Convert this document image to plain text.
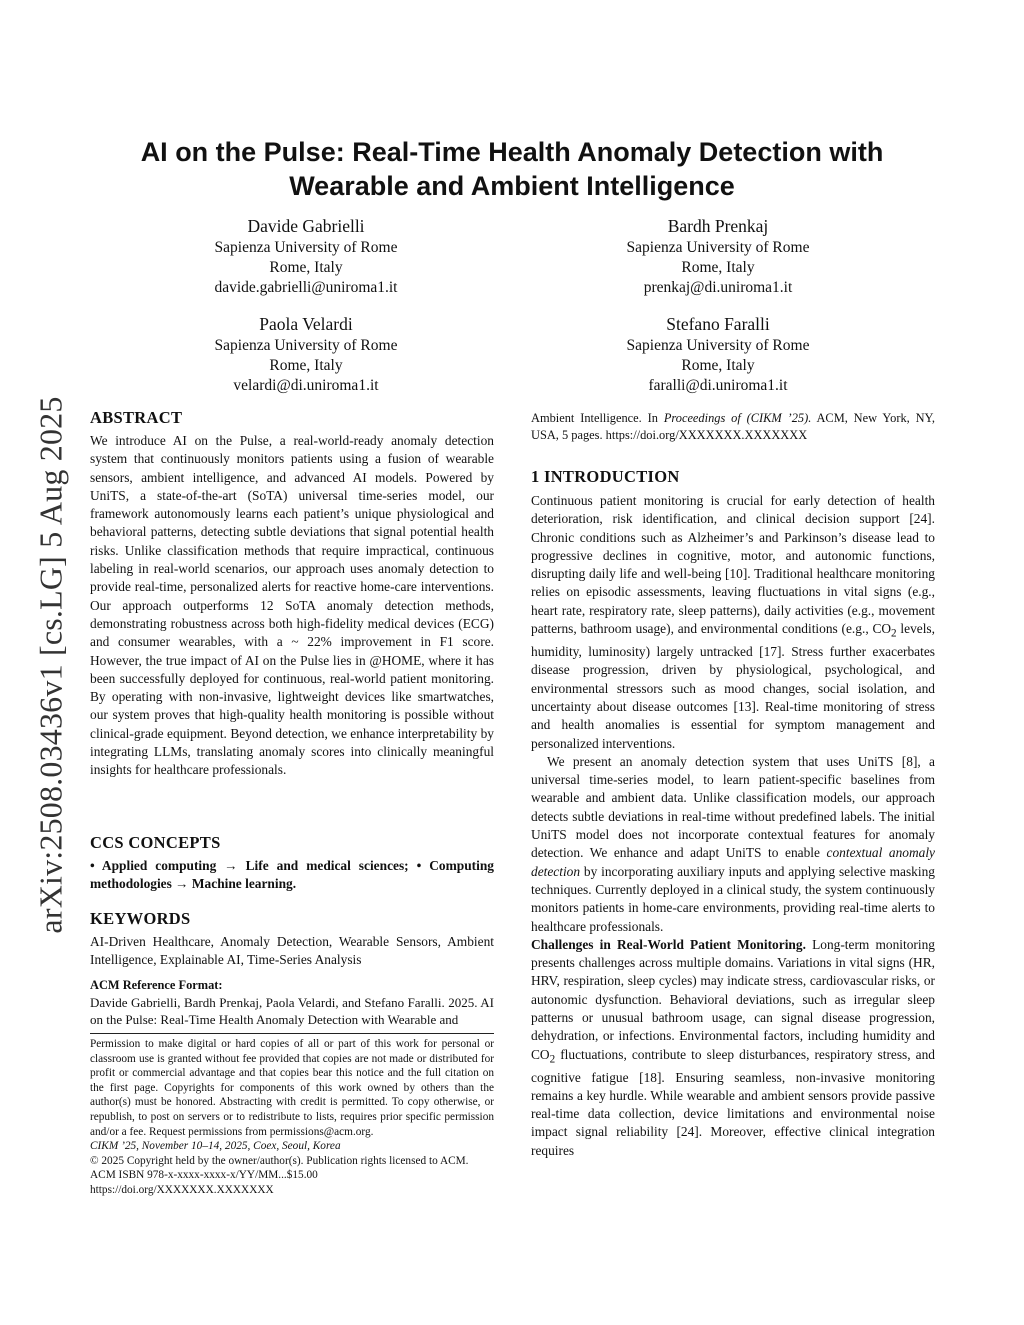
arXiv:2508.03436v1 [cs.LG] 5 Aug 2025
AI on the Pulse: Real-Time Health Anomaly Detection with
Wearable and Ambient Intelligence
Davide Gabrielli
Sapienza University of Rome
Rome, Italy
davide.gabrielli@uniroma1.it
Bardh Prenkaj
Sapienza University of Rome
Rome, Italy
prenkaj@di.uniroma1.it
Paola Velardi
Sapienza University of Rome
Rome, Italy
velardi@di.uniroma1.it
Stefano Faralli
Sapienza University of Rome
Rome, Italy
faralli@di.uniroma1.it
ABSTRACT

We introduce AI on the Pulse, a real-world-ready anomaly detection system that continuously monitors patients using a fusion of wearable sensors, ambient intelligence, and advanced AI models. Powered by UniTS, a state-of-the-art (SoTA) universal time-series model, our framework autonomously learns each patient’s unique physiological and behavioral patterns, detecting subtle deviations that signal potential health risks. Unlike classification methods that require impractical, continuous labeling in real-world scenarios, our approach uses anomaly detection to provide real-time, personalized alerts for reactive home-care interventions. Our approach outperforms 12 SoTA anomaly detection methods, demonstrating robustness across both high-fidelity medical devices (ECG) and consumer wearables, with a ~ 22% improvement in F1 score. However, the true impact of AI on the Pulse lies in @HOME, where it has been successfully deployed for continuous, real-world patient monitoring. By operating with non-invasive, lightweight devices like smartwatches, our system proves that high-quality health monitoring is possible without clinical-grade equipment. Beyond detection, we enhance interpretability by integrating LLMs, translating anomaly scores into clinically meaningful insights for healthcare professionals.

CCS CONCEPTS

• Applied computing → Life and medical sciences; • Computing methodologies → Machine learning.

KEYWORDS

AI-Driven Healthcare, Anomaly Detection, Wearable Sensors, Ambient Intelligence, Explainable AI, Time-Series Analysis

ACM Reference Format:

Davide Gabrielli, Bardh Prenkaj, Paola Velardi, and Stefano Faralli. 2025. AI on the Pulse: Real-Time Health Anomaly Detection with Wearable and

Permission to make digital or hard copies of all or part of this work for personal or classroom use is granted without fee provided that copies are not made or distributed for profit or commercial advantage and that copies bear this notice and the full citation on the first page. Copyrights for components of this work owned by others than the author(s) must be honored. Abstracting with credit is permitted. To copy otherwise, or republish, to post on servers or to redistribute to lists, requires prior specific permission and/or a fee. Request permissions from permissions@acm.org.

CIKM ’25, November 10–14, 2025, Coex, Seoul, Korea

© 2025 Copyright held by the owner/author(s). Publication rights licensed to ACM.

ACM ISBN 978-x-xxxx-xxxx-x/YY/MM...$15.00

https://doi.org/XXXXXXX.XXXXXXX

Ambient Intelligence. In Proceedings of (CIKM ’25). ACM, New York, NY, USA, 5 pages. https://doi.org/XXXXXXX.XXXXXXX

1 INTRODUCTION

Continuous patient monitoring is crucial for early detection of health deterioration, risk identification, and clinical decision support [24]. Chronic conditions such as Alzheimer’s and Parkinson’s disease lead to progressive declines in cognitive, motor, and autonomic functions, disrupting daily life and well-being [10]. Traditional healthcare monitoring relies on episodic assessments, leaving fluctuations in vital signs (e.g., heart rate, respiratory rate, sleep patterns), daily activities (e.g., movement patterns, bathroom usage), and environmental conditions (e.g., $CO_2$ levels, humidity, luminosity) largely untracked [17]. Stress further exacerbates disease progression, driven by physiological, psychological, and environmental stressors such as mood changes, social isolation, and uncertainty about disease outcomes [13]. Real-time monitoring of stress and health anomalies is essential for symptom management and personalized interventions.

We present an anomaly detection system that uses UniTS [8], a universal time-series model, to learn patient-specific baselines from wearable and ambient data. Unlike classification models, our approach detects subtle deviations in real-time without predefined labels. The initial UniTS model does not incorporate contextual features for anomaly detection. We enhance and adapt UniTS to enable contextual anomaly detection by incorporating auxiliary inputs and applying selective masking techniques. Currently deployed in a clinical study, the system continuously monitors patients in home-care environments, providing real-time alerts to healthcare professionals.

Challenges in Real-World Patient Monitoring. Long-term monitoring presents challenges across multiple domains. Variations in vital signs (HR, HRV, respiration, sleep cycles) may indicate stress, cardiovascular risks, or autonomic dysfunction. Behavioral deviations, such as irregular sleep patterns or unusual bathroom usage, can signal disease progression, dehydration, or infections. Environmental factors, including humidity and $CO_2$ fluctuations, contribute to sleep disturbances, respiratory stress, and cognitive fatigue [18]. Ensuring seamless, non-invasive monitoring remains a key hurdle. While wearable and ambient sensors provide passive real-time data collection, device limitations and environmental noise impact signal reliability [24]. Moreover, effective clinical integration requires
